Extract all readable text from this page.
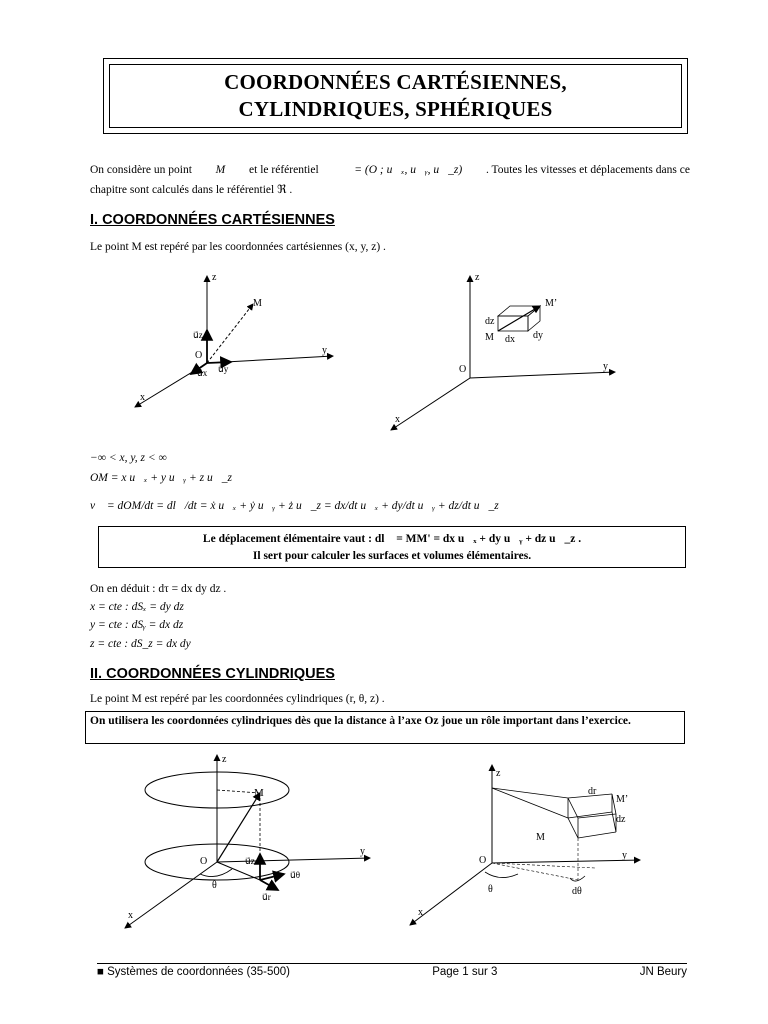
COORDONNÉES CARTÉSIENNES,
CYLINDRIQUES, SPHÉRIQUES
On considère un point M et le référentiel ℜ = (O ; u⃗ₓ, u⃗ᵧ, u⃗_z) . Toutes les vitesses et déplacements dans ce
chapitre sont calculés dans le référentiel ℜ .
I. COORDONNÉES CARTÉSIENNES
Le point M est repéré par les coordonnées cartésiennes (x, y, z) .
z
y
x
O
M
u⃗z
u⃗x u⃗y
z
y
x
O
M
M’
dz
dx dy
−∞ < x, y, z < ∞
OM = x u⃗ₓ + y u⃗ᵧ + z u⃗_z
v⃗ = dOM/dt = dl⃗/dt = ẋ u⃗ₓ + ẏ u⃗ᵧ + ż u⃗_z = dx/dt u⃗ₓ + dy/dt u⃗ᵧ + dz/dt u⃗_z
Le déplacement élémentaire vaut : dl⃗ = MM' = dx u⃗ₓ + dy u⃗ᵧ + dz u⃗_z .
Il sert pour calculer les surfaces et volumes élémentaires.
On en déduit : dτ = dx dy dz .
x = cte : dSₓ = dy dz
y = cte : dSᵧ = dx dz
z = cte : dS_z = dx dy
II. COORDONNÉES CYLINDRIQUES
Le point M est repéré par les coordonnées cylindriques (r, θ, z) .
On utilisera les coordonnées cylindriques dès que la distance à l’axe Oz joue un rôle important dans l’exercice.
z
y
x
O
M
u⃗z
u⃗θ
u⃗r
θ
z
y
x
O
M
M’
dr
dz
θ	dθ
■ Systèmes de coordonnées (35-500)	Page 1 sur 3	JN Beury
